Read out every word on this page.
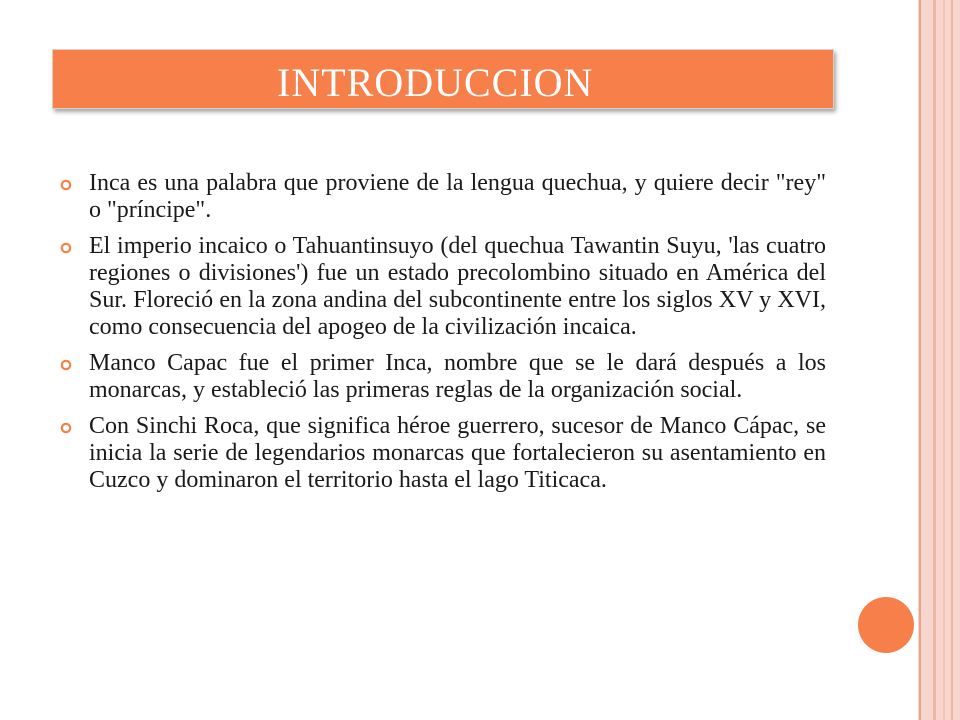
INTRODUCCION
Inca es una palabra que proviene de la lengua quechua, y quiere decir "rey" o "príncipe".
El imperio incaico o Tahuantinsuyo (del quechua Tawantin Suyu, 'las cuatro regiones o divisiones') fue un estado precolombino situado en América del Sur. Floreció en la zona andina del subcontinente entre los siglos XV y XVI, como consecuencia del apogeo de la civilización incaica.
Manco Capac fue el primer Inca, nombre que se le dará después a los monarcas, y estableció las primeras reglas de la organización social.
Con Sinchi Roca, que significa héroe guerrero, sucesor de Manco Cápac, se inicia la serie de legendarios monarcas que fortalecieron su asentamiento en Cuzco y dominaron el territorio hasta el lago Titicaca.
